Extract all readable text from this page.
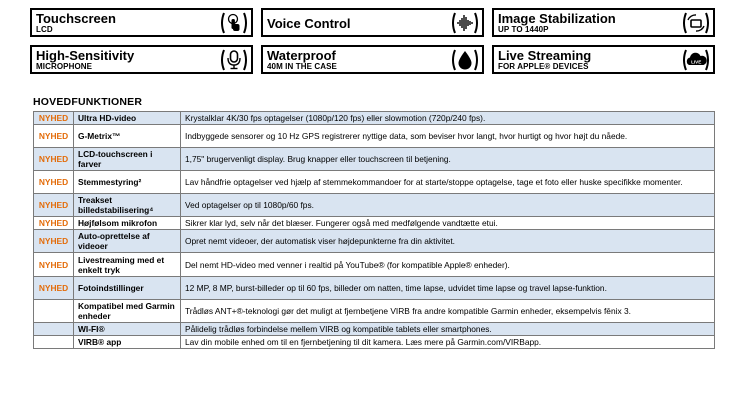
Touchscreen
LCD	Voice Control	Image Stabilization
UP TO 1440P
High-Sensitivity
MICROPHONE
Waterproof
40M IN THE CASE
Live Streaming
FOR APPLE® DEVICES
LIVE
HOVEDFUNKTIONER
NYHED	Ultra HD-video	Krystalklar 4K/30 fps optagelser (1080p/120 fps) eller slowmotion (720p/240 fps).
NYHED	G-Metrix™	Indbyggede sensorer og 10 Hz GPS registrerer nyttige data, som beviser hvor langt, hvor hurtigt og hvor højt du nåede.
NYHED	LCD-touchscreen i farver	1,75" brugervenligt display. Brug knapper eller touchscreen til betjening.
NYHED	Stemmestyring²	Lav håndfrie optagelser ved hjælp af stemmekommandoer for at starte/stoppe optagelse, tage et foto eller huske specifikke momenter.
NYHED	Treakset billedstabilisering⁴	Ved optagelser op til 1080p/60 fps.
NYHED	Højfølsom mikrofon	Sikrer klar lyd, selv når det blæser. Fungerer også med medfølgende vandtætte etui.
NYHED	Auto-oprettelse af videoer	Opret nemt videoer, der automatisk viser højdepunkterne fra din aktivitet.
NYHED	Livestreaming med et enkelt tryk	Del nemt HD-video med venner i realtid på YouTube® (for kompatible Apple® enheder).
NYHED	Fotoindstillinger	12 MP, 8 MP, burst-billeder op til 60 fps, billeder om natten, time lapse, udvidet time lapse og travel lapse-funktion.
	Kompatibel med Garmin enheder	Trådløs ANT+®-teknologi gør det muligt at fjernbetjene VIRB fra andre kompatible Garmin enheder, eksempelvis fēnix 3.
	WI-FI®	Pålidelig trådløs forbindelse mellem VIRB og kompatible tablets eller smartphones.
	VIRB® app	Lav din mobile enhed om til en fjernbetjening til dit kamera. Læs mere på Garmin.com/VIRBapp.
